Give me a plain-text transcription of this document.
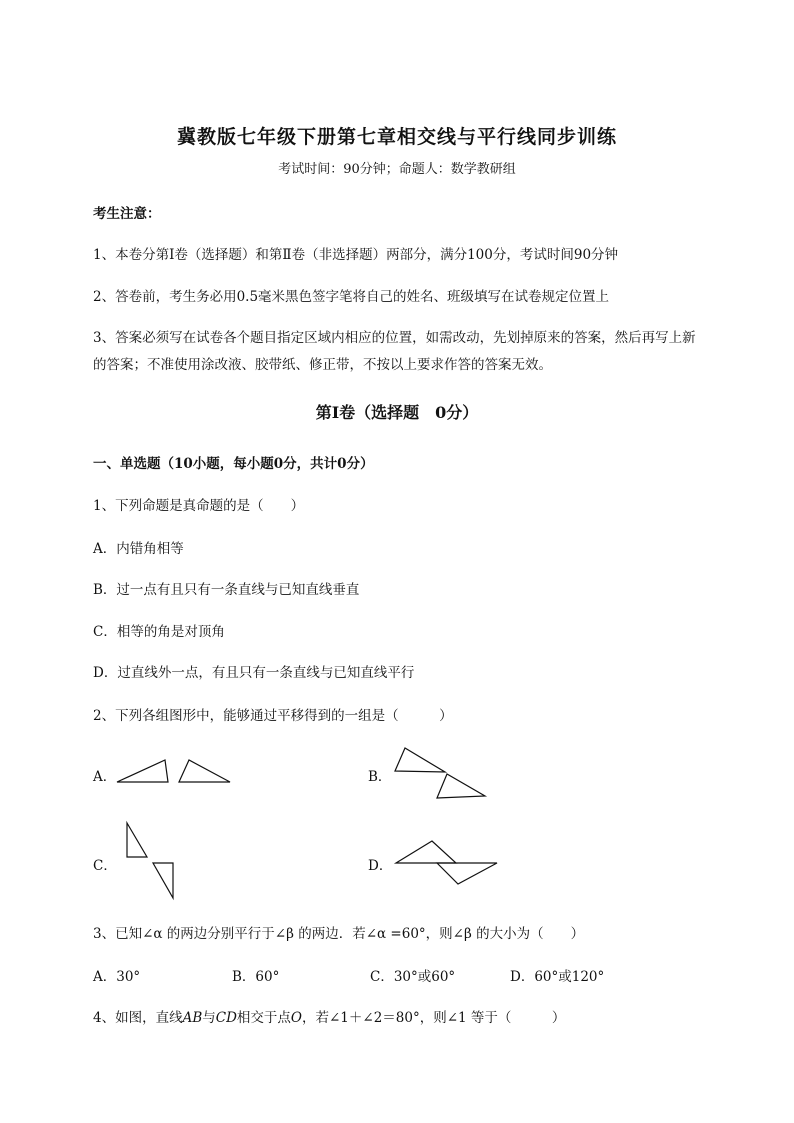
冀教版七年级下册第七章相交线与平行线同步训练
考试时间：90分钟；命题人：数学教研组
考生注意：
1、本卷分第Ⅰ卷（选择题）和第Ⅱ卷（非选择题）两部分，满分100分，考试时间90分钟
2、答卷前，考生务必用0.5毫米黑色签字笔将自己的姓名、班级填写在试卷规定位置上
3、答案必须写在试卷各个题目指定区域内相应的位置，如需改动，先划掉原来的答案，然后再写上新
的答案；不准使用涂改液、胶带纸、修正带，不按以上要求作答的答案无效。
第Ⅰ卷（选择题　0分）
一、单选题（10小题，每小题0分，共计0分）
1、下列命题是真命题的是（　　）
A．内错角相等
B．过一点有且只有一条直线与已知直线垂直
C．相等的角是对顶角
D．过直线外一点，有且只有一条直线与已知直线平行
2、下列各组图形中，能够通过平移得到的一组是（　　　）
A．	B．
C．	D．
3、已知∠α 的两边分别平行于∠β 的两边．若∠α =60°，则∠β 的大小为（　　）
A．30°	B．60°	C．30°或60°	D．60°或120°
4、如图，直线AB与CD相交于点O，若∠1＋∠2＝80°，则∠1 等于（　　　）
